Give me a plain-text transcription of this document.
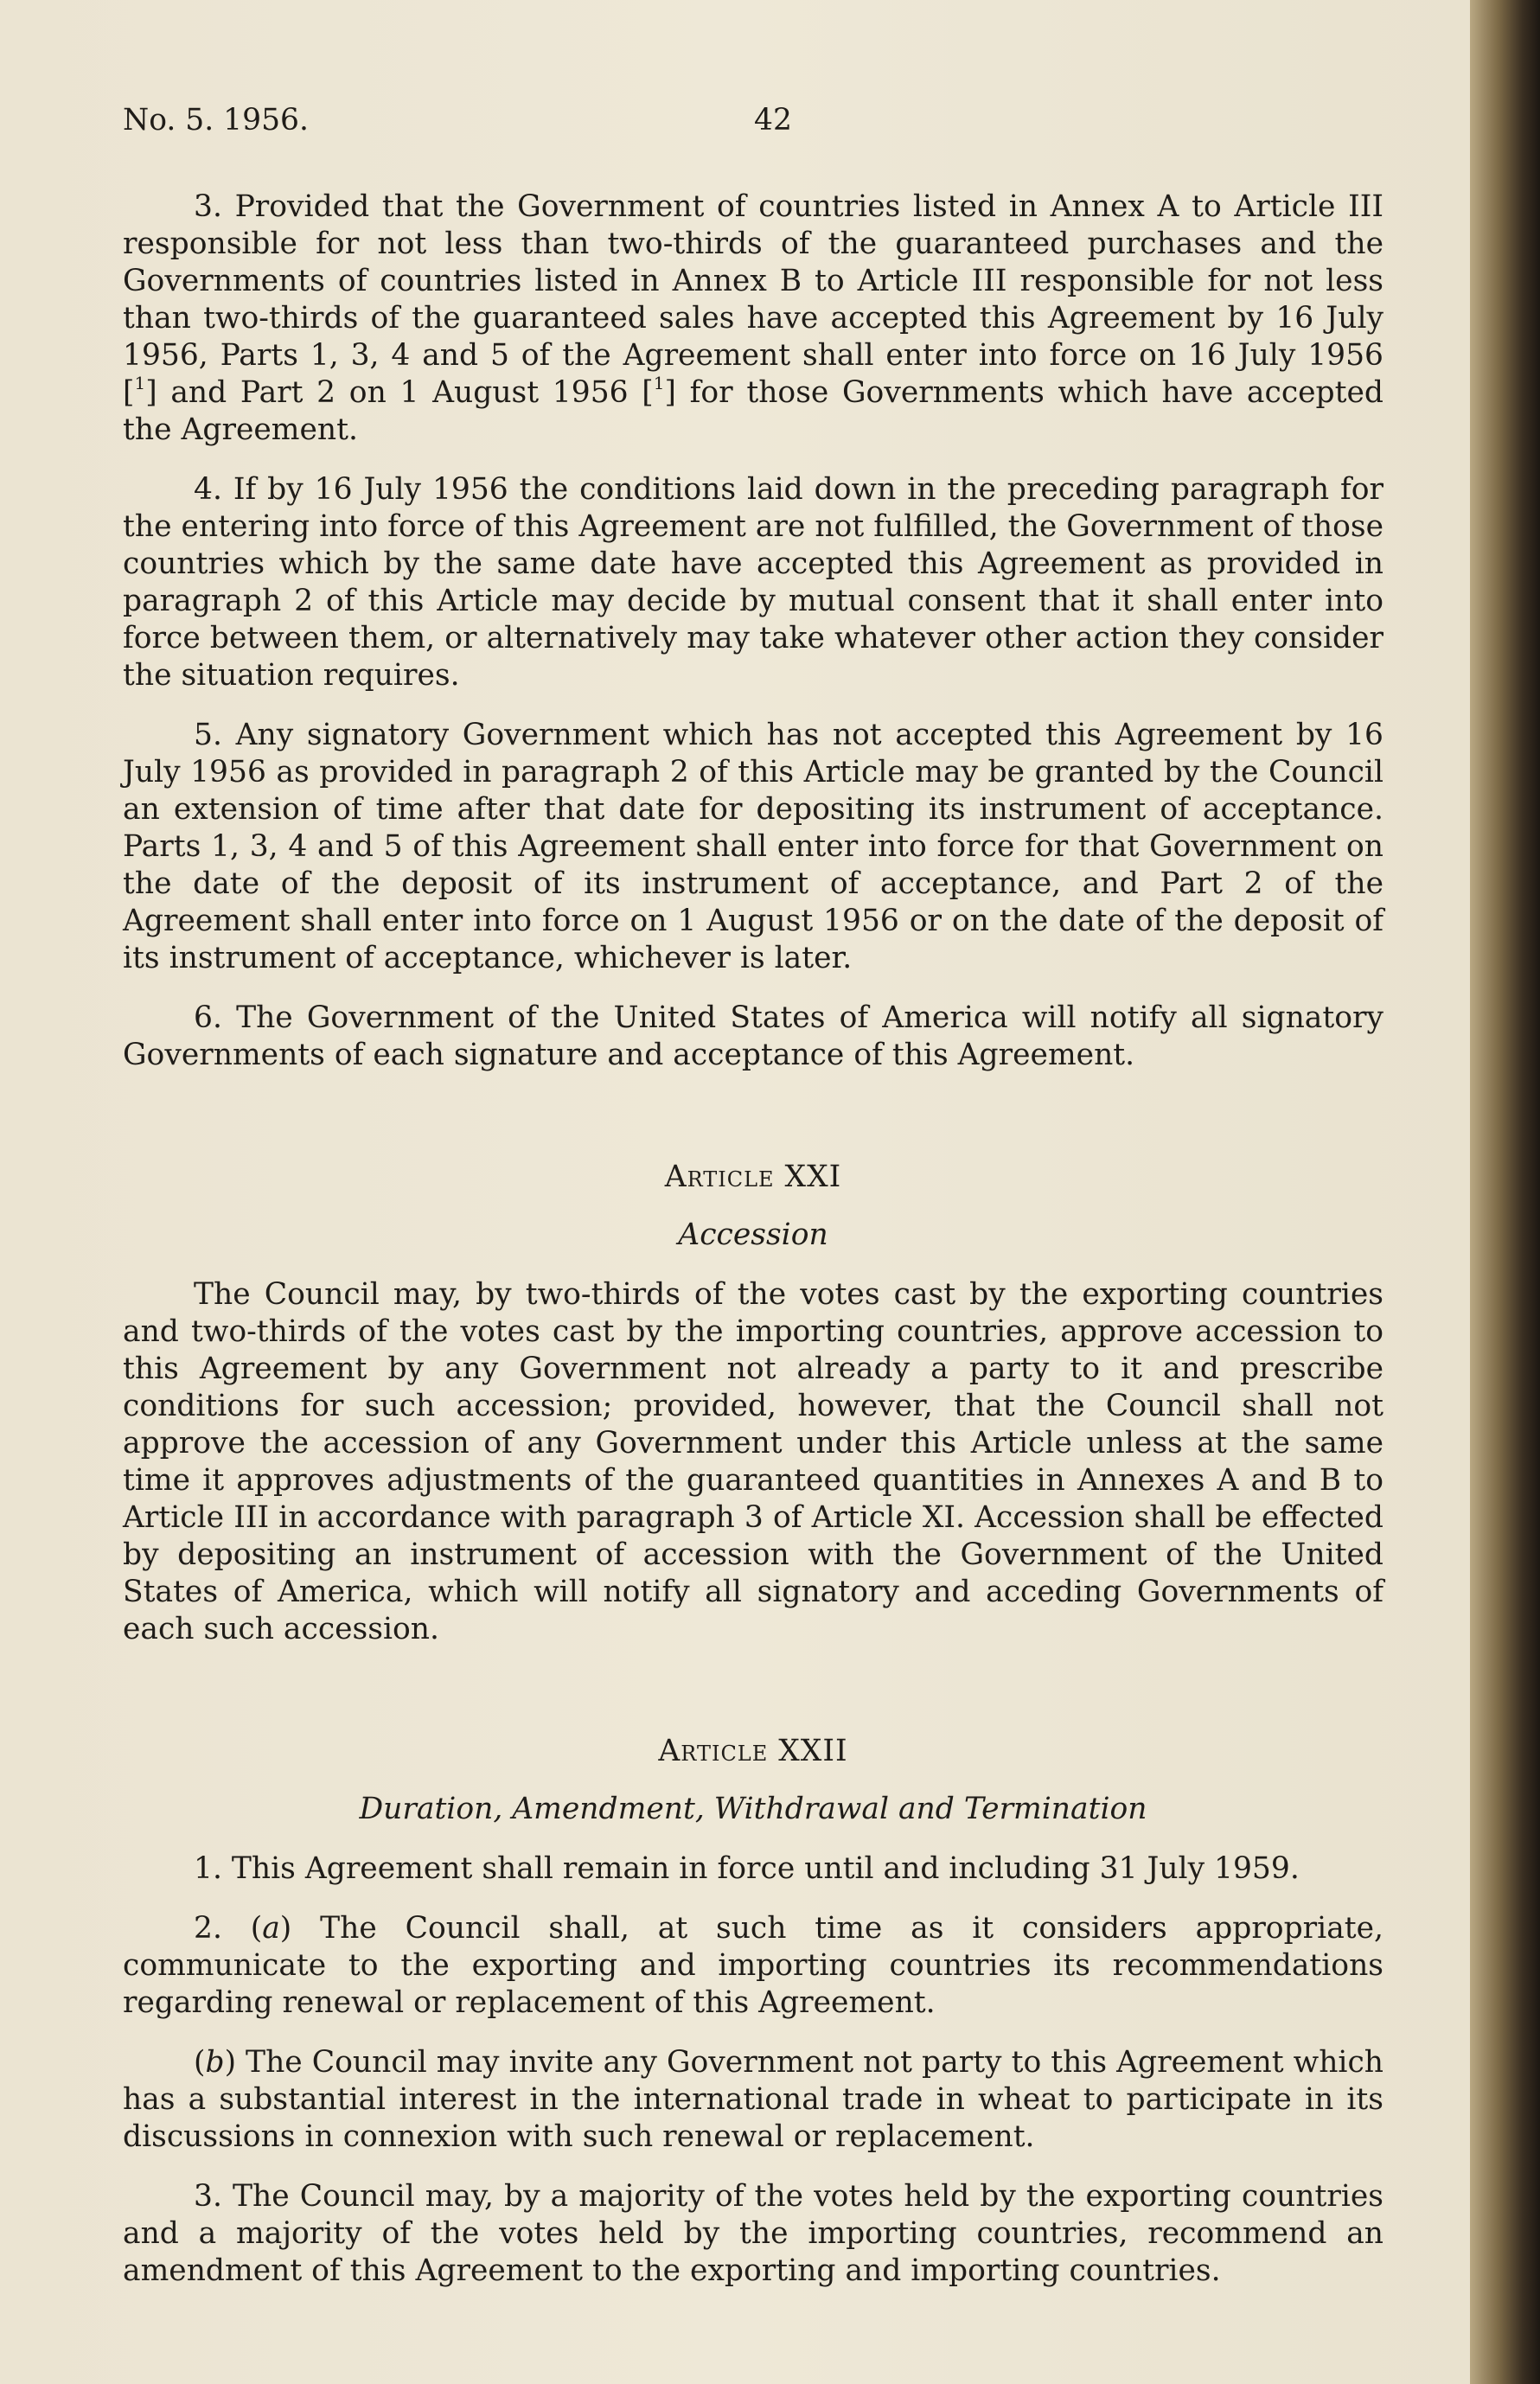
No. 5. 1956.	42

3. Provided that the Government of countries listed in Annex A to Article III responsible for not less than two-thirds of the guaranteed purchases and the Governments of countries listed in Annex B to Article III responsible for not less than two-thirds of the guaranteed sales have accepted this Agreement by 16 July 1956, Parts 1, 3, 4 and 5 of the Agreement shall enter into force on 16 July 1956 [$^1$] and Part 2 on 1 August 1956 [$^1$] for those Governments which have accepted the Agreement.

4. If by 16 July 1956 the conditions laid down in the preceding paragraph for the entering into force of this Agreement are not fulfilled, the Government of those countries which by the same date have accepted this Agreement as provided in paragraph 2 of this Article may decide by mutual consent that it shall enter into force between them, or alternatively may take whatever other action they consider the situation requires.

5. Any signatory Government which has not accepted this Agreement by 16 July 1956 as provided in paragraph 2 of this Article may be granted by the Council an extension of time after that date for depositing its instrument of acceptance. Parts 1, 3, 4 and 5 of this Agreement shall enter into force for that Government on the date of the deposit of its instrument of acceptance, and Part 2 of the Agreement shall enter into force on 1 August 1956 or on the date of the deposit of its instrument of acceptance, whichever is later.

6. The Government of the United States of America will notify all signatory Governments of each signature and acceptance of this Agreement.

Article XXI

Accession

The Council may, by two-thirds of the votes cast by the exporting countries and two-thirds of the votes cast by the importing countries, approve accession to this Agreement by any Government not already a party to it and prescribe conditions for such accession; provided, however, that the Council shall not approve the accession of any Government under this Article unless at the same time it approves adjustments of the guaranteed quantities in Annexes A and B to Article III in accordance with paragraph 3 of Article XI. Accession shall be effected by depositing an instrument of accession with the Government of the United States of America, which will notify all signatory and acceding Governments of each such accession.

Article XXII

Duration, Amendment, Withdrawal and Termination

1. This Agreement shall remain in force until and including 31 July 1959.

2. (a) The Council shall, at such time as it considers appropriate, communicate to the exporting and importing countries its recommendations regarding renewal or replacement of this Agreement.

(b) The Council may invite any Government not party to this Agreement which has a substantial interest in the international trade in wheat to participate in its discussions in connexion with such renewal or replacement.

3. The Council may, by a majority of the votes held by the exporting countries and a majority of the votes held by the importing countries, recommend an amendment of this Agreement to the exporting and importing countries.
